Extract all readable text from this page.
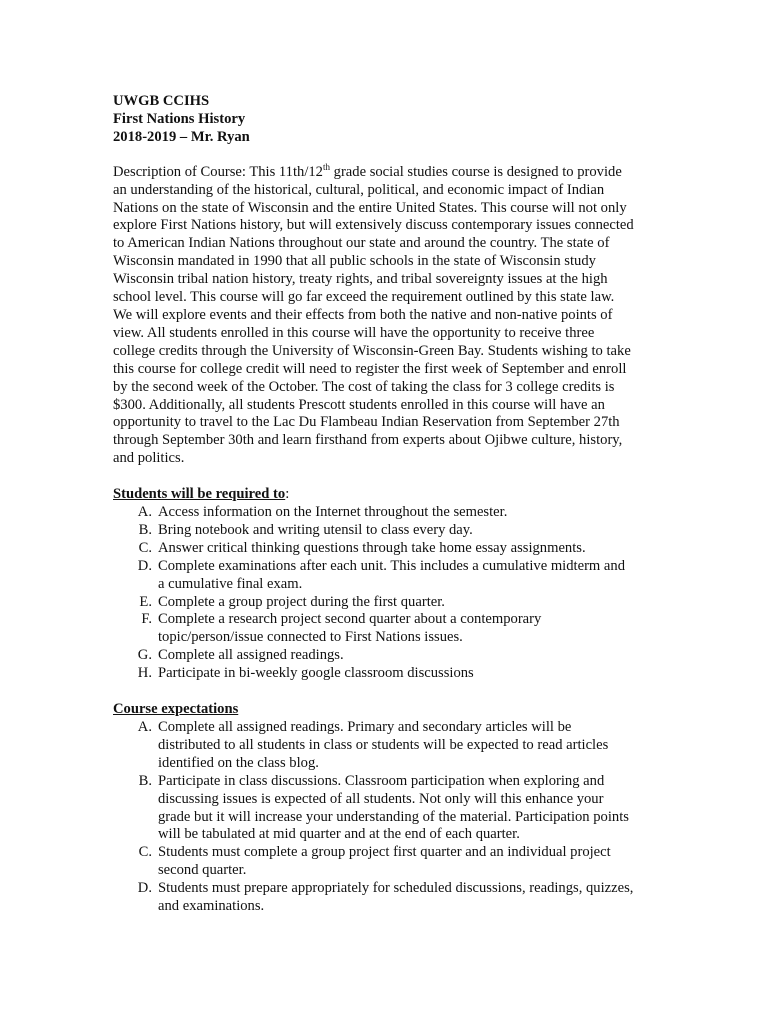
UWGB CCIHS
First Nations History
2018-2019 – Mr. Ryan
Description of Course: This 11th/12th grade social studies course is designed to provide
an understanding of the historical, cultural, political, and economic impact of Indian
Nations on the state of Wisconsin and the entire United States. This course will not only
explore First Nations history, but will extensively discuss contemporary issues connected
to American Indian Nations throughout our state and around the country. The state of
Wisconsin mandated in 1990 that all public schools in the state of Wisconsin study
Wisconsin tribal nation history, treaty rights, and tribal sovereignty issues at the high
school level. This course will go far exceed the requirement outlined by this state law.
We will explore events and their effects from both the native and non-native points of
view. All students enrolled in this course will have the opportunity to receive three
college credits through the University of Wisconsin-Green Bay. Students wishing to take
this course for college credit will need to register the first week of September and enroll
by the second week of the October. The cost of taking the class for 3 college credits is
$300. Additionally, all students Prescott students enrolled in this course will have an
opportunity to travel to the Lac Du Flambeau Indian Reservation from September 27th
through September 30th and learn firsthand from experts about Ojibwe culture, history,
and politics.
Students will be required to:
A. Access information on the Internet throughout the semester.
B. Bring notebook and writing utensil to class every day.
C. Answer critical thinking questions through take home essay assignments.
D. Complete examinations after each unit. This includes a cumulative midterm and
a cumulative final exam.
E. Complete a group project during the first quarter.
F. Complete a research project second quarter about a contemporary
topic/person/issue connected to First Nations issues.
G. Complete all assigned readings.
H. Participate in bi-weekly google classroom discussions
Course expectations
A. Complete all assigned readings. Primary and secondary articles will be
distributed to all students in class or students will be expected to read articles
identified on the class blog.
B. Participate in class discussions. Classroom participation when exploring and
discussing issues is expected of all students. Not only will this enhance your
grade but it will increase your understanding of the material. Participation points
will be tabulated at mid quarter and at the end of each quarter.
C. Students must complete a group project first quarter and an individual project
second quarter.
D. Students must prepare appropriately for scheduled discussions, readings, quizzes,
and examinations.
